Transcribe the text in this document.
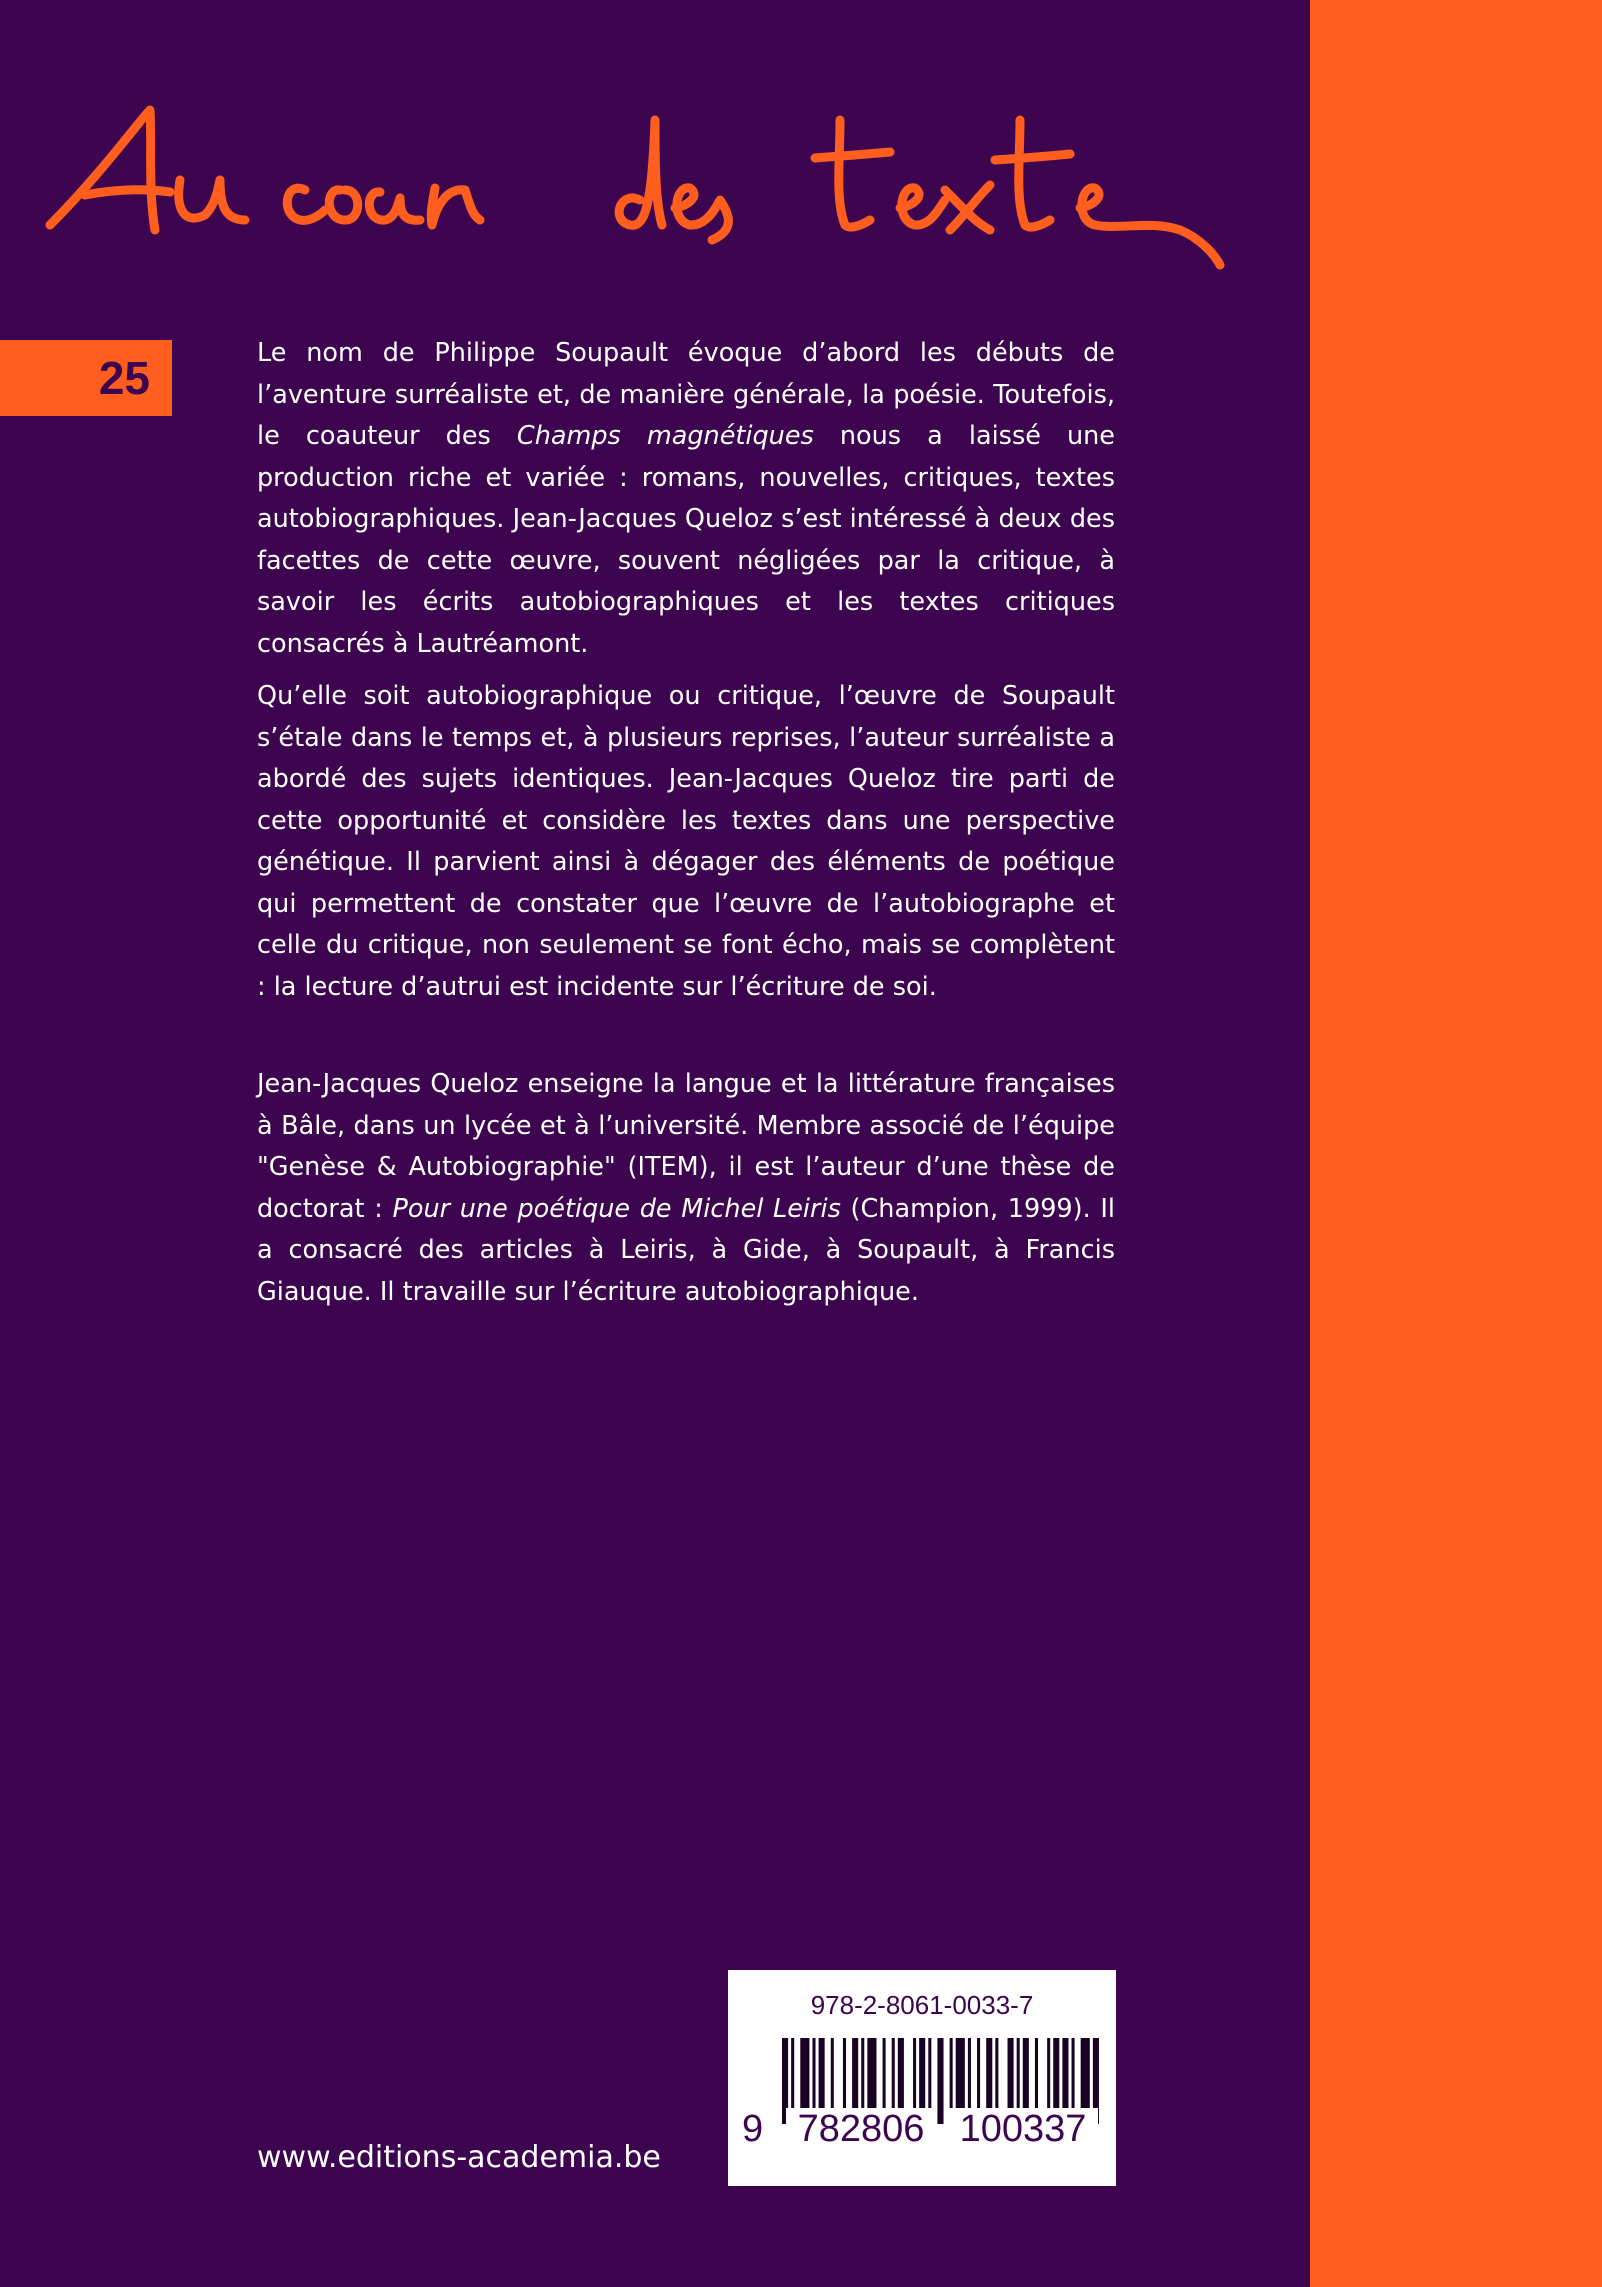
25	Le nom de Philippe Soupault évoque d’abord les débuts de l’aventure surréaliste et, de manière générale, la poésie. Toutefois, le coauteur des Champs magnétiques nous a laissé une production riche et variée : romans, nouvelles, critiques, textes autobiographiques. Jean-Jacques Queloz s’est intéressé à deux des facettes de cette œuvre, souvent négligées par la critique, à savoir les écrits autobiographiques et les textes critiques consacrés à Lautréamont.

Qu’elle soit autobiographique ou critique, l’œuvre de Soupault s’étale dans le temps et, à plusieurs reprises, l’auteur surréaliste a abordé des sujets identiques. Jean-Jacques Queloz tire parti de cette opportunité et considère les textes dans une perspective génétique. Il parvient ainsi à dégager des éléments de poétique qui permettent de constater que l’œuvre de l’autobiographe et celle du critique, non seulement se font écho, mais se complètent : la lecture d’autrui est incidente sur l’écriture de soi.

Jean-Jacques Queloz enseigne la langue et la littérature françaises à Bâle, dans un lycée et à l’université. Membre associé de l’équipe "Genèse & Autobiographie" (ITEM), il est l’auteur d’une thèse de doctorat : Pour une poétique de Michel Leiris (Champion, 1999). Il a consacré des articles à Leiris, à Gide, à Soupault, à Francis Giauque. Il travaille sur l’écriture autobiographique.

www.editions-academia.be
978-2-8061-0033-7
9 782806 100337
